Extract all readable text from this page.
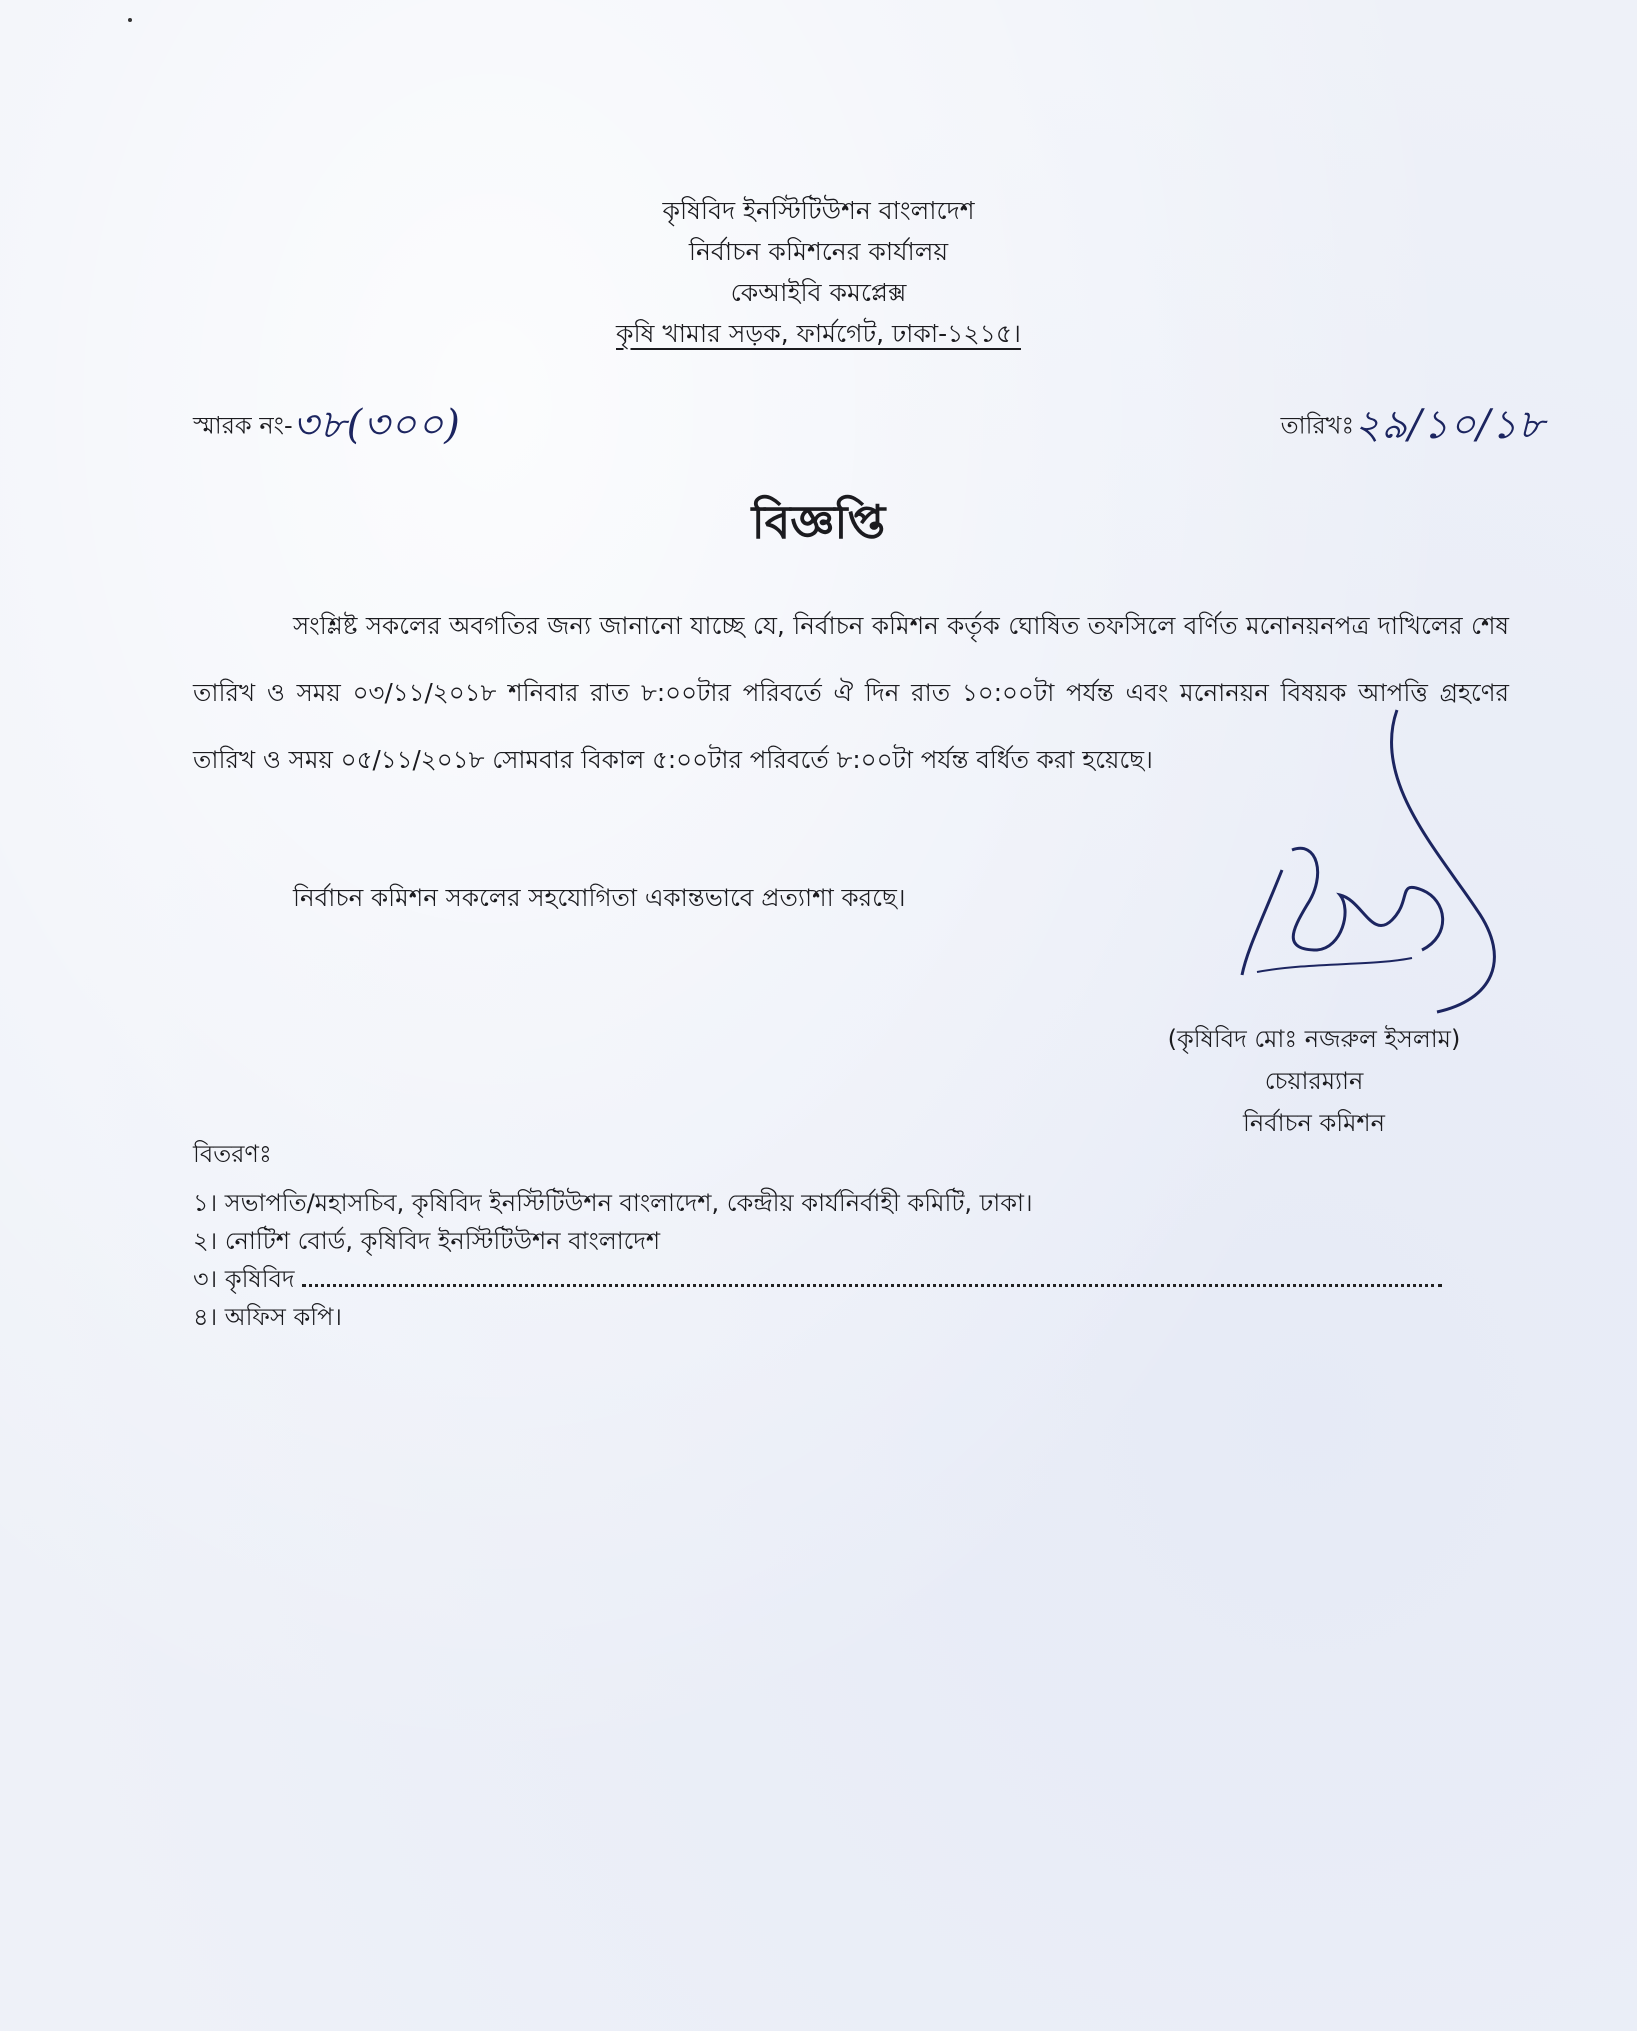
কৃষিবিদ ইনস্টিটিউশন বাংলাদেশ
নির্বাচন কমিশনের কার্যালয়
কেআইবি কমপ্লেক্স
কৃষি খামার সড়ক, ফার্মগেট, ঢাকা-১২১৫।
স্মারক নং-৩৮(৩০০)	তারিখঃ২৯/১০/১৮
বিজ্ঞপ্তি
সংশ্লিষ্ট সকলের অবগতির জন্য জানানো যাচ্ছে যে, নির্বাচন কমিশন কর্তৃক ঘোষিত তফসিলে বর্ণিত মনোনয়নপত্র দাখিলের শেষ তারিখ ও সময় ০৩/১১/২০১৮ শনিবার রাত ৮:০০টার পরিবর্তে ঐ দিন রাত ১০:০০টা পর্যন্ত এবং মনোনয়ন বিষয়ক আপত্তি গ্রহণের তারিখ ও সময় ০৫/১১/২০১৮ সোমবার বিকাল ৫:০০টার পরিবর্তে ৮:০০টা পর্যন্ত বর্ধিত করা হয়েছে।
নির্বাচন কমিশন সকলের সহযোগিতা একান্তভাবে প্রত্যাশা করছে।
(কৃষিবিদ মোঃ নজরুল ইসলাম)
চেয়ারম্যান
নির্বাচন কমিশন
বিতরণঃ
১। সভাপতি/মহাসচিব, কৃষিবিদ ইনস্টিটিউশন বাংলাদেশ, কেন্দ্রীয় কার্যনির্বাহী কমিটি, ঢাকা।
২। নোটিশ বোর্ড, কৃষিবিদ ইনস্টিটিউশন বাংলাদেশ
৩। কৃষিবিদ
৪। অফিস কপি।
